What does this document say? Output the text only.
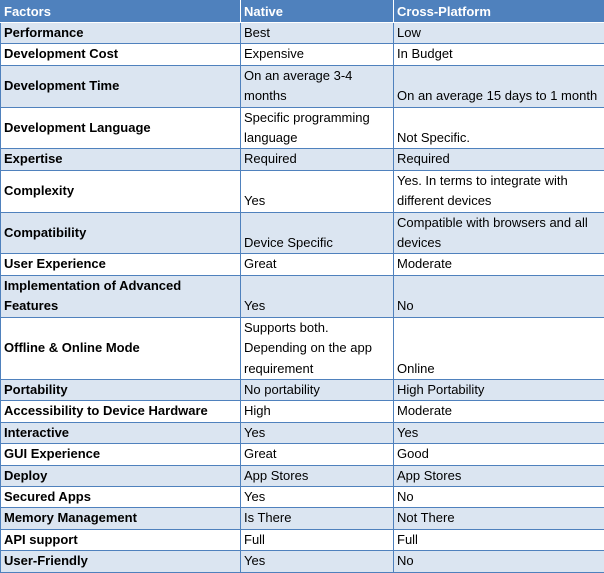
Factors	Native	Cross-Platform
Performance	Best	Low
Development Cost	Expensive	In Budget
Development Time	On an average 3-4 months	On an average 15 days to 1 month
Development Language	Specific programming language	Not Specific.
Expertise	Required	Required
Complexity	Yes	Yes. In terms to integrate with different devices
Compatibility	Device Specific	Compatible with browsers and all devices
User Experience	Great	Moderate
Implementation of Advanced Features	Yes	No
Offline & Online Mode	Supports both. Depending on the app requirement	Online
Portability	No portability	High Portability
Accessibility to Device Hardware	High	Moderate
Interactive	Yes	Yes
GUI Experience	Great	Good
Deploy	App Stores	App Stores
Secured Apps	Yes	No
Memory Management	Is There	Not There
API support	Full	Full
User-Friendly	Yes	No
